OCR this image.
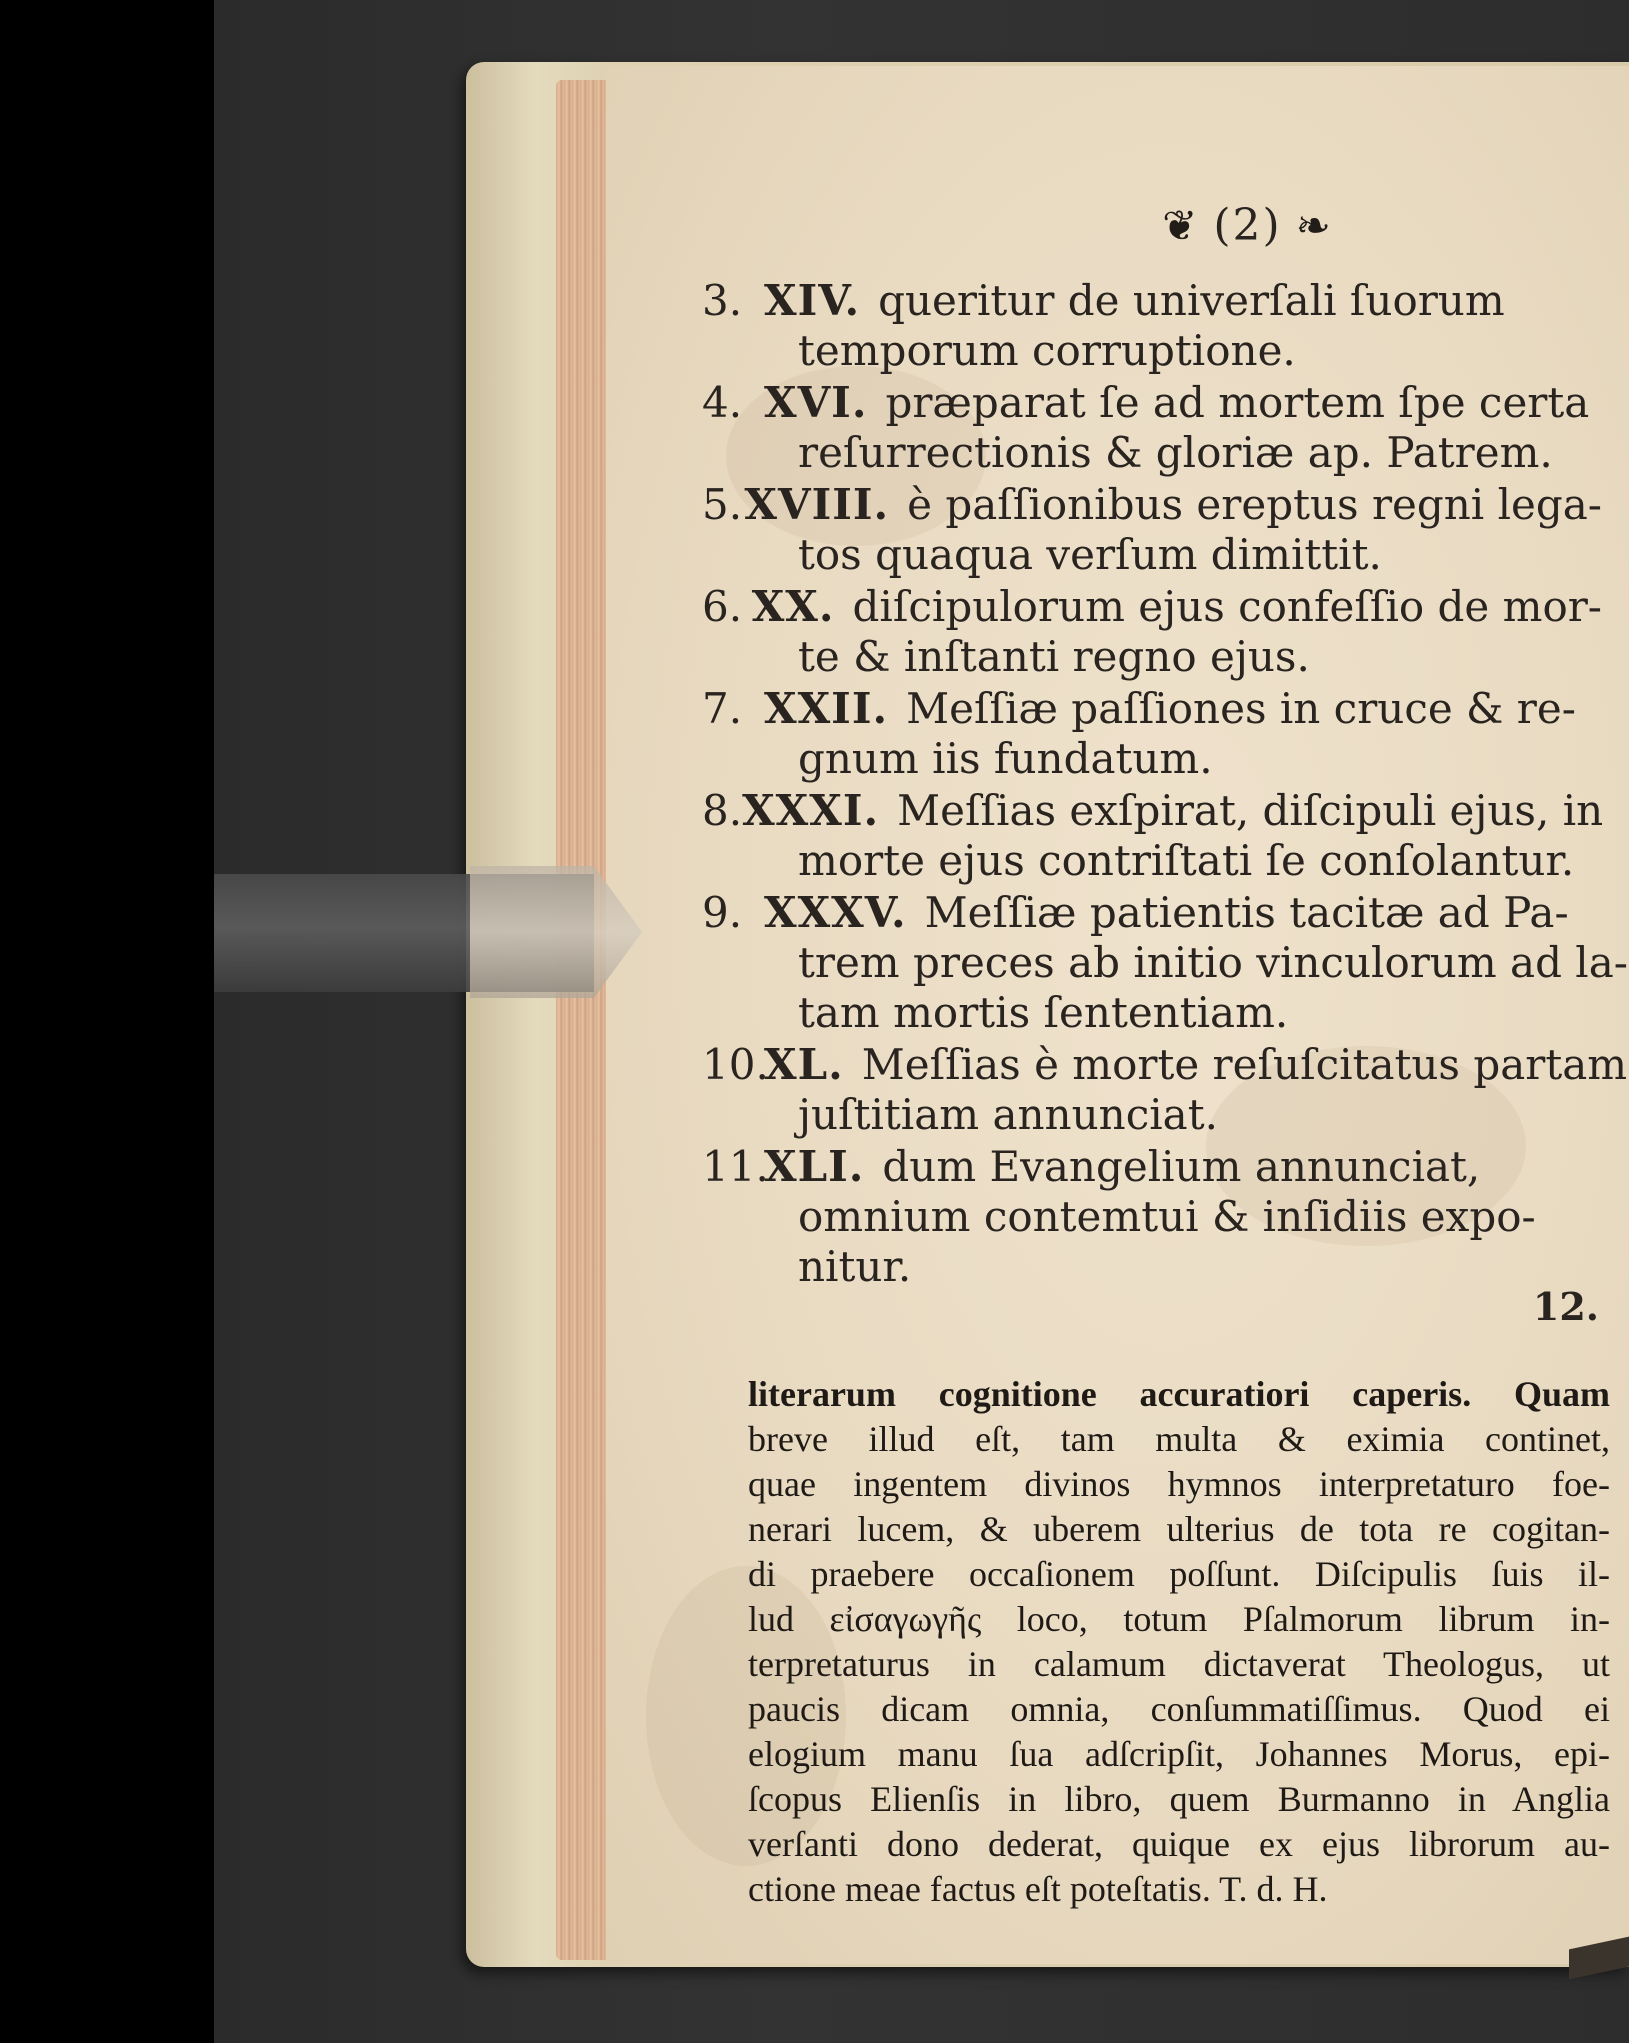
❦ (2) ❧
3. XIV. queritur de univerſali ſuorum
temporum corruptione.
4. XVI. præparat ſe ad mortem ſpe certa
reſurrectionis & gloriæ ap. Patrem.
5. XVIII. è paſſionibus ereptus regni lega-
tos quaqua verſum dimittit.
6. XX. diſcipulorum ejus confeſſio de mor-
te & inſtanti regno ejus.
7. XXII. Meſſiæ paſſiones in cruce & re-
gnum iis fundatum.
8. XXXI. Meſſias exſpirat, diſcipuli ejus, in
morte ejus contriſtati ſe conſolantur.
9. XXXV. Meſſiæ patientis tacitæ ad Pa-
trem preces ab initio vinculorum ad la-
tam mortis ſententiam.
10.
XL. Meſſias è morte reſuſcitatus partam
juſtitiam annunciat.
11.
XLI. dum Evangelium annunciat,
omnium contemtui & inſidiis expo-
nitur.
12.
literarum cognitione accuratiori caperis. Quam
breve illud eſt, tam multa & eximia continet,
quae ingentem divinos hymnos interpretaturo foe-
nerari lucem, & uberem ulterius de tota re cogitan-
di praebere occaſionem poſſunt. Diſcipulis ſuis il-
lud εἰσαγωγῆς loco, totum Pſalmorum librum in-
terpretaturus in calamum dictaverat Theologus, ut
paucis dicam omnia, conſummatiſſimus. Quod ei
elogium manu ſua adſcripſit, Johannes Morus, epi-
ſcopus Elienſis in libro, quem Burmanno in Anglia
verſanti dono dederat, quique ex ejus librorum au-
ctione meae factus eſt poteſtatis. T. d. H.
